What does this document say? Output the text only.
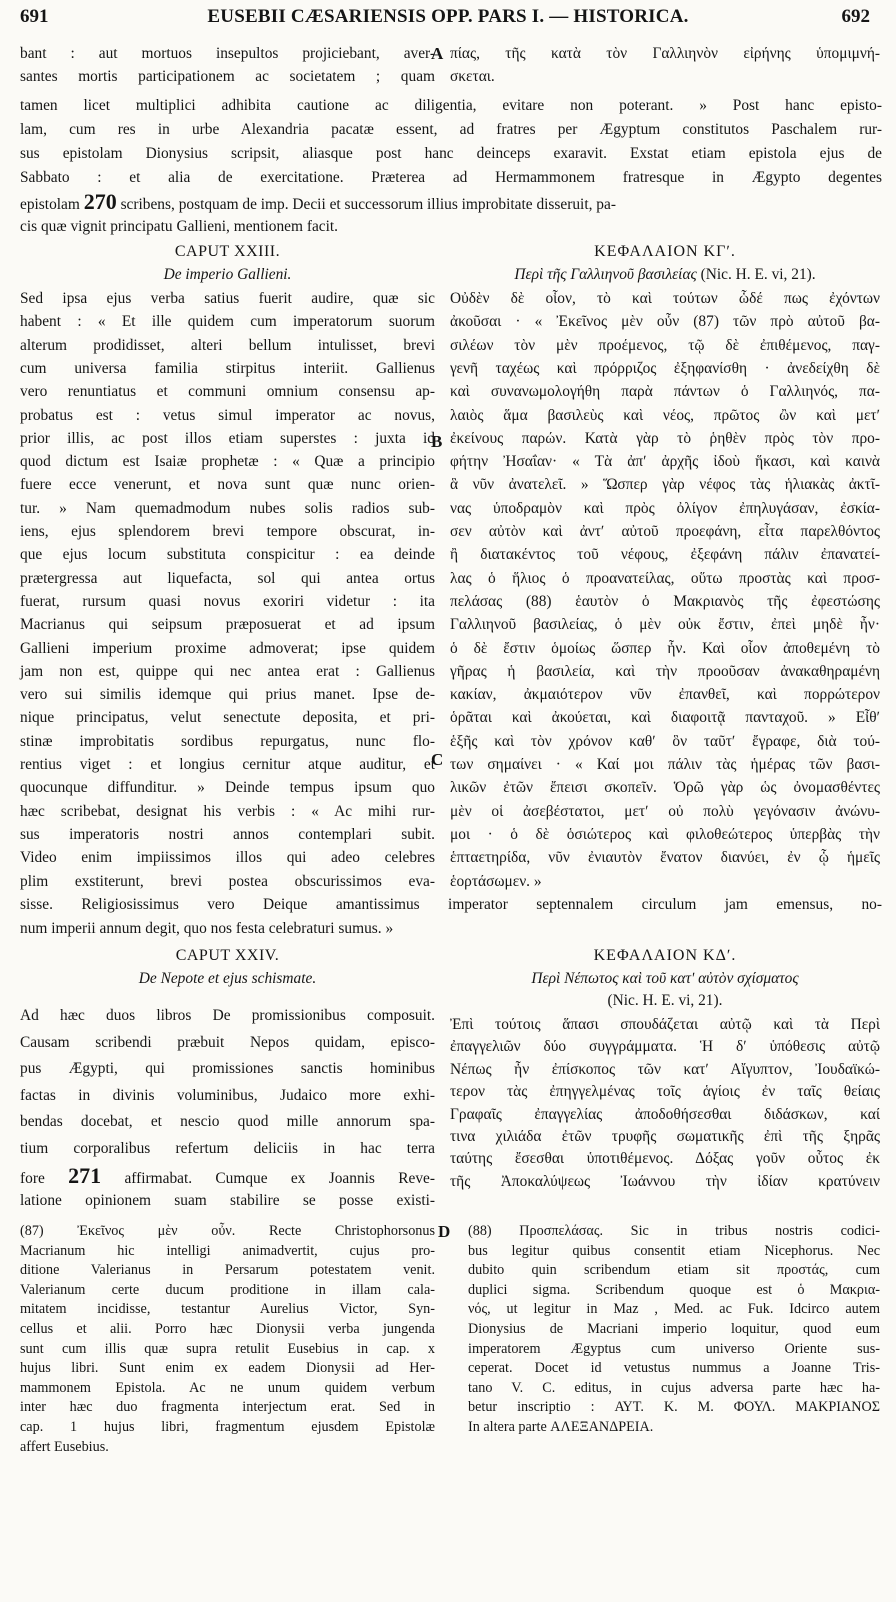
691	EUSEBII CÆSARIENSIS OPP. PARS I. — HISTORICA.	692
bant : aut mortuos insepultos projiciebant, aver-
santes mortis participationem ac societatem ; quam
A πίας, τῆς κατὰ τὸν Γαλλιηνὸν εἰρήνης ὑπομιμνή-
σκεται.
tamen licet multiplici adhibita cautione ac diligentia, evitare non poterant. » Post hanc episto-
lam, cum res in urbe Alexandria pacatæ essent, ad fratres per Ægyptum constitutos Paschalem rur-
sus epistolam Dionysius scripsit, aliasque post hanc deinceps exaravit. Exstat etiam epistola ejus de
Sabbato : et alia de exercitatione. Præterea ad Hermammonem fratresque in Ægypto degentes
epistolam 270 scribens, postquam de imp. Decii et successorum illius improbitate disseruit, pa-
cis quæ vignit principatu Gallieni, mentionem facit.
CAPUT XXIII.
De imperio Gallieni.
Sed ipsa ejus verba satius fuerit audire, quæ sic
habent : « Et ille quidem cum imperatorum suorum
alterum prodidisset, alteri bellum intulisset, brevi
cum universa familia stirpitus interiit. Gallienus
vero renuntiatus et communi omnium consensu ap-
probatus est : vetus simul imperator ac novus,
prior illis, ac post illos etiam superstes : juxta id
quod dictum est Isaiæ prophetæ : « Quæ a principio
fuere ecce venerunt, et nova sunt quæ nunc orien-
tur. » Nam quemadmodum nubes solis radios sub-
iens, ejus splendorem brevi tempore obscurat, in-
que ejus locum substituta conspicitur : ea deinde
prætergressa aut liquefacta, sol qui antea ortus
fuerat, rursum quasi novus exoriri videtur : ita
Macrianus qui seipsum præposuerat et ad ipsum
Gallieni imperium proxime admoverat; ipse quidem
jam non est, quippe qui nec antea erat : Gallienus
vero sui similis idemque qui prius manet. Ipse de-
nique principatus, velut senectute deposita, et pri-
stinæ improbitatis sordibus repurgatus, nunc flo-
rentius viget : et longius cernitur atque auditur, et
quocunque diffunditur. » Deinde tempus ipsum quo
hæc scribebat, designat his verbis : « Ac mihi rur-
sus imperatoris nostri annos contemplari subit.
Video enim impiissimos illos qui adeo celebres
plim exstiterunt, brevi postea obscurissimos eva-
ΚΕΦΑΛΑΙΟΝ ΚΓʹ.
Περὶ τῆς Γαλλιηνοῦ βασιλείας (Nic. H. E. vi, 21).
Οὐδὲν δὲ οἷον, τὸ καὶ τούτων ὧδέ πως ἐχόντων
ἀκοῦσαι · « Ἐκεῖνος μὲν οὖν (87) τῶν πρὸ αὐτοῦ βα-
σιλέων τὸν μὲν προέμενος, τῷ δὲ ἐπιθέμενος, παγ-
γενῆ ταχέως καὶ πρόρριζος ἐξηφανίσθη · ἀνεδείχθη δὲ
καὶ συνανωμολογήθη παρὰ πάντων ὁ Γαλλιηνός, πα-
λαιὸς ἅμα βασιλεὺς καὶ νέος, πρῶτος ὢν καὶ μετʹ
ἐκείνους παρών. Κατὰ γὰρ τὸ ῥηθὲν πρὸς τὸν προ-
φήτην Ἠσαΐαν· « Τὰ ἀπʹ ἀρχῆς ἰδοὺ ἥκασι, καὶ καινὰ
ἃ νῦν ἀνατελεῖ. » Ὥσπερ γὰρ νέφος τὰς ἡλιακὰς ἀκτῖ-
νας ὑποδραμὸν καὶ πρὸς ὀλίγον ἐπηλυγάσαν, ἐσκία-
σεν αὐτὸν καὶ ἀντʹ αὐτοῦ προεφάνη, εἶτα παρελθόντος
ἢ διατακέντος τοῦ νέφους, ἐξεφάνη πάλιν ἐπανατεί-
λας ὁ ἥλιος ὁ προανατείλας, οὕτω προστὰς καὶ προσ-
πελάσας (88) ἑαυτὸν ὁ Μακριανὸς τῆς ἐφεστώσης
Γαλλιηνοῦ βασιλείας, ὁ μὲν οὐκ ἔστιν, ἐπεὶ μηδὲ ἦν·
ὁ δὲ ἔστιν ὁμοίως ὥσπερ ἦν. Καὶ οἷον ἀποθεμένη τὸ
γῆρας ἡ βασιλεία, καὶ τὴν προοῦσαν ἀνακαθηραμένη
κακίαν, ἀκμαιότερον νῦν ἐπανθεῖ, καὶ πορρώτερον
ὁρᾶται καὶ ἀκούεται, καὶ διαφοιτᾷ πανταχοῦ. » Εἶθʹ
ἑξῆς καὶ τὸν χρόνον καθʹ ὃν ταῦτʹ ἔγραφε, διὰ τού-
των σημαίνει · « Καί μοι πάλιν τὰς ἡμέρας τῶν βασι-
λικῶν ἐτῶν ἔπεισι σκοπεῖν. Ὁρῶ γὰρ ὡς ὀνομασθέντες
μὲν οἱ ἀσεβέστατοι, μετʹ οὐ πολὺ γεγόνασιν ἀνώνυ-
μοι · ὁ δὲ ὁσιώτερος καὶ φιλοθεώτερος ὑπερβὰς τὴν
ἑπταετηρίδα, νῦν ἐνιαυτὸν ἔνατον διανύει, ἐν ᾧ ἡμεῖς
ἑορτάσωμεν. »
B
C
sisse. Religiosissimus vero Deique amantissimus imperator septennalem circulum jam emensus, no-
num imperii annum degit, quo nos festa celebraturi sumus. »
CAPUT XXIV.
De Nepote et ejus schismate.
Ad hæc duos libros De promissionibus composuit.
Causam scribendi præbuit Nepos quidam, episco-
pus Ægypti, qui promissiones sanctis hominibus
factas in divinis voluminibus, Judaico more exhi-
bendas docebat, et nescio quod mille annorum spa-
tium corporalibus refertum deliciis in hac terra
fore 271 affirmabat. Cumque ex Joannis Reve-
latione opinionem suam stabilire se posse existi-
ΚΕΦΑΛΑΙΟΝ ΚΔʹ.
Περὶ Νέπωτος καὶ τοῦ κατʹ αὐτὸν σχίσματος
(Nic. H. E. vi, 21).
Ἐπὶ τούτοις ἅπασι σπουδάζεται αὐτῷ καὶ τὰ Περὶ
ἐπαγγελιῶν δύο συγγράμματα. Ἡ δʹ ὑπόθεσις αὐτῷ
Νέπως ἦν ἐπίσκοπος τῶν κατʹ Αἴγυπτον, Ἰουδαϊκώ-
τερον τὰς ἐπηγγελμένας τοῖς ἁγίοις ἐν ταῖς θείαις
Γραφαῖς ἐπαγγελίας ἀποδοθήσεσθαι διδάσκων, καί
τινα χιλιάδα ἐτῶν τρυφῆς σωματικῆς ἐπὶ τῆς ξηρᾶς
ταύτης ἔσεσθαι ὑποτιθέμενος. Δόξας γοῦν οὗτος ἐκ
τῆς Ἀποκαλύψεως Ἰωάννου τὴν ἰδίαν κρατύνειν
D
(87) Ἐκεῖνος μὲν οὖν. Recte Christophorsonus
Macrianum hic intelligi animadvertit, cujus pro-
ditione Valerianus in Persarum potestatem venit.
Valerianum certe ducum proditione in illam cala-
mitatem incidisse, testantur Aurelius Victor, Syn-
cellus et alii. Porro hæc Dionysii verba jungenda
sunt cum illis quæ supra retulit Eusebius in cap. x
hujus libri. Sunt enim ex eadem Dionysii ad Her-
mammonem Epistola. Ac ne unum quidem verbum
inter hæc duo fragmenta interjectum erat. Sed in
cap. 1 hujus libri, fragmentum ejusdem Epistolæ
affert Eusebius.
(88) Προσπελάσας. Sic in tribus nostris codici-
bus legitur quibus consentit etiam Nicephorus. Nec
dubito quin scribendum etiam sit προστάς, cum
duplici sigma. Scribendum quoque est ὁ Μακρια-
νός, ut legitur in Maz , Med. ac Fuk. Idcirco autem
Dionysius de Macriani imperio loquitur, quod eum
imperatorem Ægyptus cum universo Oriente sus-
ceperat. Docet id vetustus nummus a Joanne Tris-
tano V. C. editus, in cujus adversa parte hæc ha-
betur inscriptio : ΑΥΤ. Κ. Μ. ΦΟΥΛ. ΜΑΚΡΙΑΝΟΣ
In altera parte ΑΛΕΞΑΝΔΡΕΙΑ.
